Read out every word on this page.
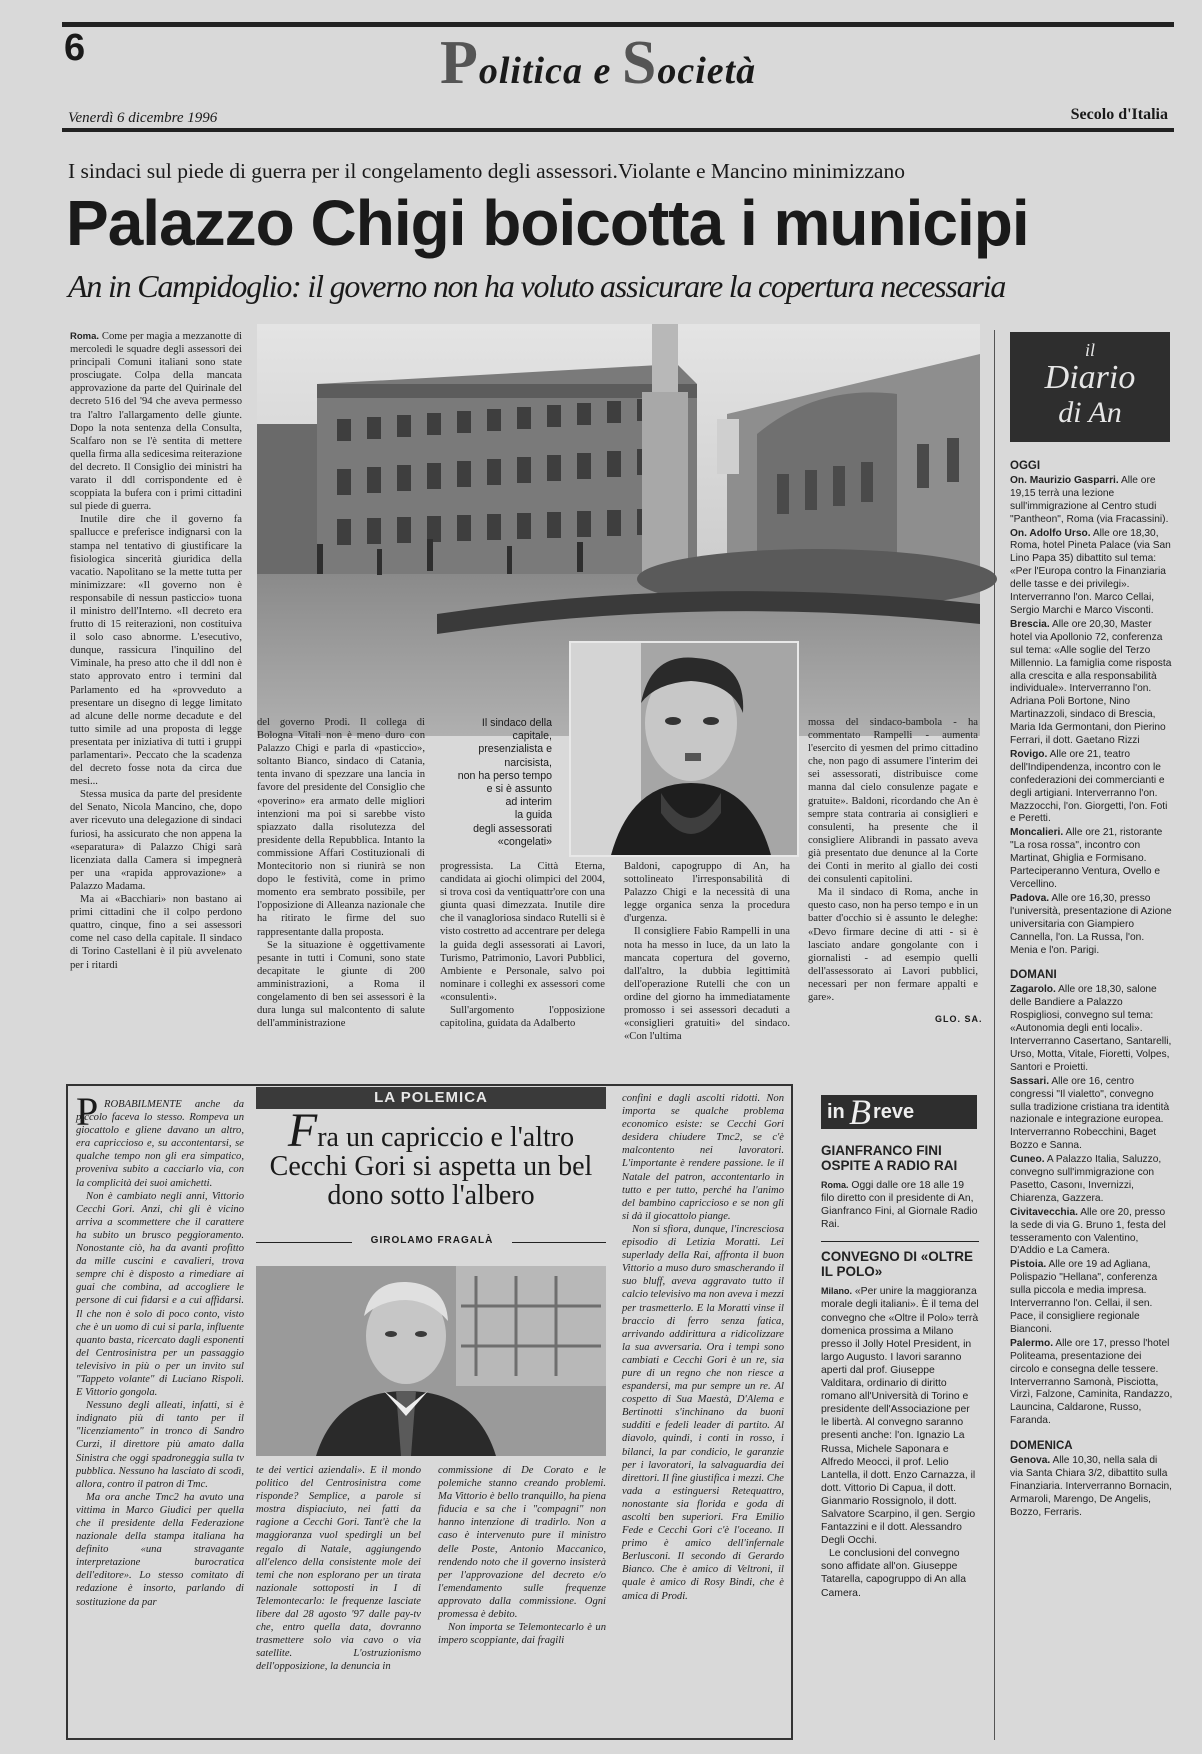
6	Politica e Società
Venerdì 6 dicembre 1996	Secolo d'Italia
I sindaci sul piede di guerra per il congelamento degli assessori.Violante e Mancino minimizzano
Palazzo Chigi boicotta i municipi
An in Campidoglio: il governo non ha voluto assicurare la copertura necessaria

Roma. Come per magia a mezzanotte di mercoledì le squadre degli assessori dei principali Comuni italiani sono state prosciugate. Colpa della mancata approvazione da parte del Quirinale del decreto 516 del '94 che aveva permesso tra l'altro l'allargamento delle giunte. Dopo la nota sentenza della Consulta, Scalfaro non se l'è sentita di mettere quella firma alla sedicesima reiterazione del decreto. Il Consiglio dei ministri ha varato il ddl corrispondente ed è scoppiata la bufera con i primi cittadini sul piede di guerra.

Inutile dire che il governo fa spallucce e preferisce indignarsi con la stampa nel tentativo di giustificare la fisiologica sincerità giuridica della vacatio. Napolitano se la mette tutta per minimizzare: «Il governo non è responsabile di nessun pasticcio» tuona il ministro dell'Interno. «Il decreto era frutto di 15 reiterazioni, non costituiva il solo caso abnorme. L'esecutivo, dunque, rassicura l'inquilino del Viminale, ha preso atto che il ddl non è stato approvato entro i termini dal Parlamento ed ha «provveduto a presentare un disegno di legge limitato ad alcune delle norme decadute e del tutto simile ad una proposta di legge presentata per iniziativa di tutti i gruppi parlamentari». Peccato che la scadenza del decreto fosse nota da circa due mesi...

Stessa musica da parte del presidente del Senato, Nicola Mancino, che, dopo aver ricevuto una delegazione di sindaci furiosi, ha assicurato che non appena la «separatura» di Palazzo Chigi sarà licenziata dalla Camera si impegnerà per una «rapida approvazione» a Palazzo Madama.

Ma ai «Bacchiari» non bastano ai primi cittadini che il colpo perdono quattro, cinque, fino a sei assessori come nel caso della capitale. Il sindaco di Torino Castellani è il più avvelenato per i ritardi

Il sindaco della
capitale,
presenzialista e
narcisista,
non ha perso tempo
e si è assunto
ad interim
la guida
degli assessorati
«congelati»

del governo Prodi. Il collega di Bologna Vitali non è meno duro con Palazzo Chigi e parla di «pasticcio», soltanto Bianco, sindaco di Catania, tenta invano di spezzare una lancia in favore del presidente del Consiglio che «poverino» era armato delle migliori intenzioni ma poi si sarebbe visto spiazzato dalla risolutezza del presidente della Repubblica. Intanto la commissione Affari Costituzionali di Montecitorio non si riunirà se non dopo le festività, come in primo momento era sembrato possibile, per l'opposizione di Alleanza nazionale che ha ritirato le firme del suo rappresentante dalla proposta.

Se la situazione è oggettivamente pesante in tutti i Comuni, sono state decapitate le giunte di 200 amministrazioni, a Roma il congelamento di ben sei assessori è la dura lunga sul malcontento di salute dell'amministrazione

progressista. La Città Eterna, candidata ai giochi olimpici del 2004, si trova così da ventiquattr'ore con una giunta quasi dimezzata. Inutile dire che il vanagloriosa sindaco Rutelli si è visto costretto ad accentrare per delega la guida degli assessorati ai Lavori, Turismo, Patrimonio, Lavori Pubblici, Ambiente e Personale, salvo poi nominare i colleghi ex assessori come «consulenti».

Sull'argomento l'opposizione capitolina, guidata da Adalberto

Baldoni, capogruppo di An, ha sottolineato l'irresponsabilità di Palazzo Chigi e la necessità di una legge organica senza la procedura d'urgenza.

Il consigliere Fabio Rampelli in una nota ha messo in luce, da un lato la mancata copertura del governo, dall'altro, la dubbia legittimità dell'operazione Rutelli che con un ordine del giorno ha immediatamente promosso i sei assessori decaduti a «consiglieri gratuiti» del sindaco. «Con l'ultima

mossa del sindaco-bambola - ha commentato Rampelli - aumenta l'esercito di yesmen del primo cittadino che, non pago di assumere l'interim dei sei assessorati, distribuisce come manna dal cielo consulenze pagate e gratuite». Baldoni, ricordando che An è sempre stata contraria ai consiglieri e consulenti, ha presente che il consigliere Alibrandi in passato aveva già presentato due denunce al la Corte dei Conti in merito al giallo dei costi dei consulenti capitolini.

Ma il sindaco di Roma, anche in questo caso, non ha perso tempo e in un batter d'occhio si è assunto le deleghe: «Devo firmare decine di atti - si è lasciato andare gongolante con i giornalisti - ad esempio quelli dell'assessorato ai Lavori pubblici, necessari per non fermare appalti e gare».

GLO. SA.
il
Diario
di An
OGGI

On. Maurizio Gasparri. Alle ore 19,15 terrà una lezione sull'immigrazione al Centro studi "Pantheon", Roma (via Fracassini).

On. Adolfo Urso. Alle ore 18,30, Roma, hotel Pineta Palace (via San Lino Papa 35) dibattito sul tema: «Per l'Europa contro la Finanziaria delle tasse e dei privilegi». Interverranno l'on. Marco Cellai, Sergio Marchi e Marco Visconti.

Brescia. Alle ore 20,30, Master hotel via Apollonio 72, conferenza sul tema: «Alle soglie del Terzo Millennio. La famiglia come risposta alla crescita e alla responsabilità individuale». Interverranno l'on. Adriana Poli Bortone, Nino Martinazzoli, sindaco di Brescia, Maria Ida Germontani, don Pierino Ferrari, il dott. Gaetano Rizzi

Rovigo. Alle ore 21, teatro dell'Indipendenza, incontro con le confederazioni dei commercianti e degli artigiani. Interverranno l'on. Mazzocchi, l'on. Giorgetti, l'on. Foti e Peretti.

Moncalieri. Alle ore 21, ristorante "La rosa rossa", incontro con Martinat, Ghiglia e Formisano. Parteciperanno Ventura, Ovello e Vercellino.

Padova. Alle ore 16,30, presso l'università, presentazione di Azione universitaria con Giampiero Cannella, l'on. La Russa, l'on. Menia e l'on. Parigi.

DOMANI

Zagarolo. Alle ore 18,30, salone delle Bandiere a Palazzo Rospigliosi, convegno sul tema: «Autonomia degli enti locali». Interverranno Casertano, Santarelli, Urso, Motta, Vitale, Fioretti, Volpes, Santori e Proietti.

Sassari. Alle ore 16, centro congressi "Il vialetto", convegno sulla tradizione cristiana tra identità nazionale e integrazione europea. Interverranno Robecchini, Baget Bozzo e Sanna.

Cuneo. A Palazzo Italia, Saluzzo, convegno sull'immigrazione con Pasetto, Casonı, Invernizzi, Chiarenza, Gazzera.

Civitavecchia. Alle ore 20, presso la sede di via G. Bruno 1, festa del tesseramento con Valentino, D'Addio e La Camera.

Pistoia. Alle ore 19 ad Agliana, Polispazio "Hellana", conferenza sulla piccola e media impresa. Interverranno l'on. Cellai, il sen. Pace, il consigliere regionale Bianconi.

Palermo. Alle ore 17, presso l'hotel Politeama, presentazione dei circolo e consegna delle tessere. Interverranno Samonà, Pisciotta, Virzì, Falzone, Caminita, Randazzo, Launcina, Caldarone, Russo, Faranda.

DOMENICA

Genova. Alle 10,30, nella sala di via Santa Chiara 3/2, dibattito sulla Finanziaria. Interverranno Bornacin, Armaroli, Marengo, De Angelis, Bozzo, Ferraris.

P ROBABILMENTE anche da piccolo faceva lo stesso. Rompeva un giocattolo e gliene davano un altro, era capriccioso e, su accontentarsi, se qualche tempo non gli era simpatico, proveniva subito a cacciarlo via, con la complicità dei suoi amichetti.

Non è cambiato negli anni, Vittorio Cecchi Gori. Anzi, chi gli è vicino arriva a scommettere che il carattere ha subito un brusco peggioramento. Nonostante ciò, ha da avanti profitto da mille cuscini e cavalieri, trova sempre chi è disposto a rimediare ai guai che combina, ad accogliere le persone di cui fidarsi e a cui affidarsi. Il che non è solo di poco conto, visto che è un uomo di cui si parla, influente quanto basta, ricercato dagli esponenti del Centrosinistra per un passaggio televisivo in più o per un invito sul "Tappeto volante" di Luciano Rispoli. E Vittorio gongola.

Nessuno degli alleati, infatti, si è indignato più di tanto per il "licenziamento" in tronco di Sandro Curzi, il direttore più amato dalla Sinistra che oggi spadroneggia sulla tv pubblica. Nessuno ha lasciato di scodì, allora, contro il patron di Tmc.

Ma ora anche Tmc2 ha avuto una vittima in Marco Giudici per quella che il presidente della Federazione nazionale della stampa italiana ha definito «una stravagante interpretazione burocratica dell'editore». Lo stesso comitato di redazione è insorto, parlando di sostituzione da par

LA POLEMICA
Fra un capriccio e l'altro Cecchi Gori si aspetta un bel dono sotto l'albero
GIROLAMO FRAGALÀ

te dei vertici aziendali». E il mondo politico del Centrosinistra come risponde? Semplice, a parole si mostra dispiaciuto, nei fatti da ragione a Cecchi Gori. Tant'è che la maggioranza vuol spedirgli un bel regalo di Natale, aggiungendo all'elenco della consistente mole dei temi che non esplorano per un tirata nazionale sottoposti in I di Telemontecarlo: le frequenze lasciate libere dal 28 agosto '97 dalle pay-tv che, entro quella data, dovranno trasmettere solo via cavo o via satellite. L'ostruzionismo dell'opposizione, la denuncia in

commissione di De Corato e le polemiche stanno creando problemi. Ma Vittorio è bello tranquillo, ha piena fiducia e sa che i "compagni" non hanno intenzione di tradirlo. Non a caso è intervenuto pure il ministro delle Poste, Antonio Maccanico, rendendo noto che il governo insisterà per l'approvazione del decreto e/o l'emendamento sulle frequenze approvato dalla commissione. Ogni promessa è debito.

Non importa se Telemontecarlo è un impero scoppiante, dai fragili

confini e dagli ascolti ridotti. Non importa se qualche problema economico esiste: se Cecchi Gori desidera chiudere Tmc2, se c'è malcontento nei lavoratori. L'importante è rendere passione. le il Natale del patron, accontentarlo in tutto e per tutto, perché ha l'animo del bambino capriccioso e se non gli si dà il giocattolo piange.

Non si sfiora, dunque, l'incresciosa episodio di Letizia Moratti. Lei superlady della Rai, affronta il buon Vittorio a muso duro smascherando il suo bluff, aveva aggravato tutto il calcio televisivo ma non aveva i mezzi per trasmetterlo. E la Moratti vinse il braccio di ferro senza fatica, arrivando addirittura a ridicolizzare la sua avversaria. Ora i tempi sono cambiati e Cecchi Gori è un re, sia pure di un regno che non riesce a espandersi, ma pur sempre un re. Al cospetto di Sua Maestà, D'Alema e Bertinotti s'inchinano da buoni sudditi e fedeli leader di partito. Al diavolo, quindi, i conti in rosso, i bilanci, la par condicio, le garanzie per i lavoratori, la salvaguardia dei direttori. Il fine giustifica i mezzi. Che vada a estinguersi Retequattro, nonostante sia florida e goda di ascolti ben superiori. Fra Emilio Fede e Cecchi Gori c'è l'oceano. Il primo è amico dell'infernale Berlusconi. Il secondo di Gerardo Bianco. Che è amico di Veltroni, il quale è amico di Rosy Bindi, che è amica di Prodi.

in B reve
GIANFRANCO FINI OSPITE A RADIO RAI

Roma. Oggi dalle ore 18 alle 19 filo diretto con il presidente di An, Gianfranco Fini, al Giornale Radio Rai.

CONVEGNO DI «OLTRE IL POLO»

Milano. «Per unire la maggioranza morale degli italiani». È il tema del convegno che «Oltre il Polo» terrà domenica prossima a Milano presso il Jolly Hotel President, in largo Augusto. I lavori saranno aperti dal prof. Giuseppe Valditara, ordinario di diritto romano all'Università di Torino e presidente dell'Associazione per le libertà. Al convegno saranno presenti anche: l'on. Ignazio La Russa, Michele Saponara e Alfredo Meocci, il prof. Lelio Lantella, il dott. Enzo Carnazza, il dott. Vittorio Di Capua, il dott. Gianmario Rossignolo, il dott. Salvatore Scarpino, il gen. Sergio Fantazzini e il dott. Alessandro Degli Occhi.

Le conclusioni del convegno sono affidate all'on. Giuseppe Tatarella, capogruppo di An alla Camera.
